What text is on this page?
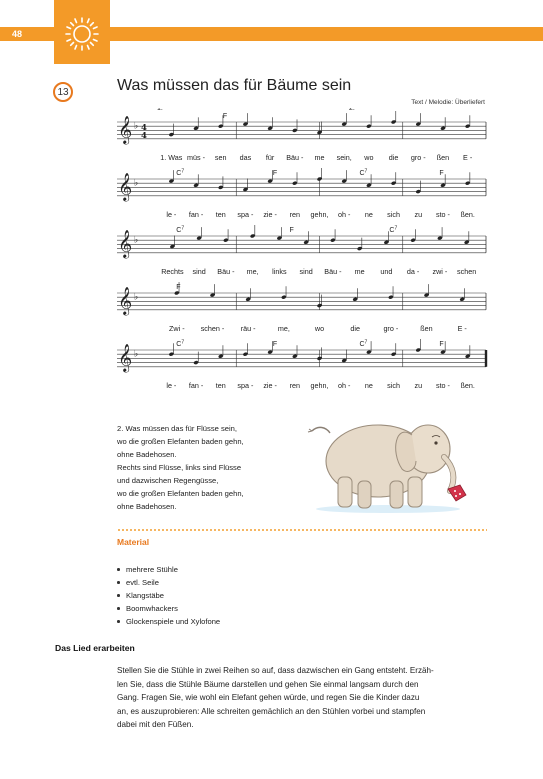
48
13	Was müssen das für Bäume sein
Text / Melodie: Überliefert
𝄞 ♭ 4
4
F
1. Was müs - sen das für Bäu - me sein, wo die gro - ßen E -
𝄞 ♭
$C^7$	F	$C^7$	F
le - fan - ten spa - zie - ren gehn, oh - ne sich zu sto - ßen.
𝄞 ♭
$C^7$	F	$C^7$
Rechts sind Bäu - me, links sind Bäu - me und da - zwi - schen
𝄞 ♭
F
Zwi - schen - räu -	me,	wo	die	gro -	ßen	E -
𝄞 ♭
$C^7$	F	$C^7$	F
le - fan - ten spa - zie - ren gehn, oh - ne sich zu sto - ßen.
1.	2.
2. Was müssen das für Flüsse sein,
wo die großen Elefanten baden gehn,
ohne Badehosen.
Rechts sind Flüsse, links sind Flüsse
und dazwischen Regengüsse,
wo die großen Elefanten baden gehn,
ohne Badehosen.
Material
mehrere Stühle
evtl. Seile
Klangstäbe
Boomwhackers
Glockenspiele und Xylofone
Das Lied erarbeiten
Stellen Sie die Stühle in zwei Reihen so auf, dass dazwischen ein Gang entsteht. Erzäh-
len Sie, dass die Stühle Bäume darstellen und gehen Sie einmal langsam durch den
Gang. Fragen Sie, wie wohl ein Elefant gehen würde, und regen Sie die Kinder dazu
an, es auszuprobieren: Alle schreiten gemächlich an den Stühlen vorbei und stampfen
dabei mit den Füßen.
